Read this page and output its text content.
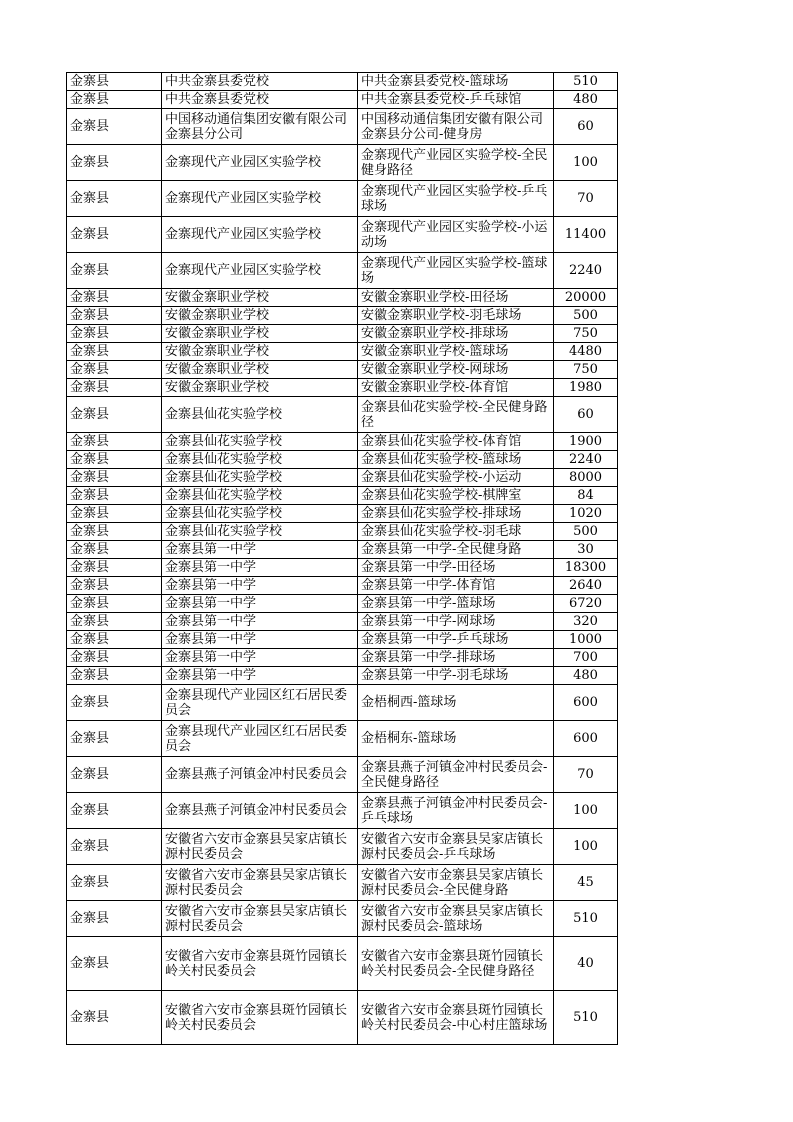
金寨县	中共金寨县委党校	中共金寨县委党校-篮球场	510
金寨县	中共金寨县委党校	中共金寨县委党校-乒乓球馆	480
金寨县	中国移动通信集团安徽有限公司金寨县分公司	中国移动通信集团安徽有限公司金寨县分公司-健身房	60
金寨县	金寨现代产业园区实验学校	金寨现代产业园区实验学校-全民健身路径	100
金寨县	金寨现代产业园区实验学校	金寨现代产业园区实验学校-乒乓球场	70
金寨县	金寨现代产业园区实验学校	金寨现代产业园区实验学校-小运动场	11400
金寨县	金寨现代产业园区实验学校	金寨现代产业园区实验学校-篮球场	2240
金寨县	安徽金寨职业学校	安徽金寨职业学校-田径场	20000
金寨县	安徽金寨职业学校	安徽金寨职业学校-羽毛球场	500
金寨县	安徽金寨职业学校	安徽金寨职业学校-排球场	750
金寨县	安徽金寨职业学校	安徽金寨职业学校-篮球场	4480
金寨县	安徽金寨职业学校	安徽金寨职业学校-网球场	750
金寨县	安徽金寨职业学校	安徽金寨职业学校-体育馆	1980
金寨县	金寨县仙花实验学校	金寨县仙花实验学校-全民健身路径	60
金寨县	金寨县仙花实验学校	金寨县仙花实验学校-体育馆	1900
金寨县	金寨县仙花实验学校	金寨县仙花实验学校-篮球场	2240
金寨县	金寨县仙花实验学校	金寨县仙花实验学校-小运动	8000
金寨县	金寨县仙花实验学校	金寨县仙花实验学校-棋牌室	84
金寨县	金寨县仙花实验学校	金寨县仙花实验学校-排球场	1020
金寨县	金寨县仙花实验学校	金寨县仙花实验学校-羽毛球	500
金寨县	金寨县第一中学	金寨县第一中学-全民健身路	30
金寨县	金寨县第一中学	金寨县第一中学-田径场	18300
金寨县	金寨县第一中学	金寨县第一中学-体育馆	2640
金寨县	金寨县第一中学	金寨县第一中学-篮球场	6720
金寨县	金寨县第一中学	金寨县第一中学-网球场	320
金寨县	金寨县第一中学	金寨县第一中学-乒乓球场	1000
金寨县	金寨县第一中学	金寨县第一中学-排球场	700
金寨县	金寨县第一中学	金寨县第一中学-羽毛球场	480
金寨县	金寨县现代产业园区红石居民委员会	金梧桐西-篮球场	600
金寨县	金寨县现代产业园区红石居民委员会	金梧桐东-篮球场	600
金寨县	金寨县燕子河镇金冲村民委员会	金寨县燕子河镇金冲村民委员会-全民健身路径	70
金寨县	金寨县燕子河镇金冲村民委员会	金寨县燕子河镇金冲村民委员会-乒乓球场	100
金寨县	安徽省六安市金寨县吴家店镇长源村民委员会	安徽省六安市金寨县吴家店镇长源村民委员会-乒乓球场	100
金寨县	安徽省六安市金寨县吴家店镇长源村民委员会	安徽省六安市金寨县吴家店镇长源村民委员会-全民健身路	45
金寨县	安徽省六安市金寨县吴家店镇长源村民委员会	安徽省六安市金寨县吴家店镇长源村民委员会-篮球场	510
金寨县	安徽省六安市金寨县斑竹园镇长岭关村民委员会	安徽省六安市金寨县斑竹园镇长岭关村民委员会-全民健身路径	40
金寨县	安徽省六安市金寨县斑竹园镇长岭关村民委员会	安徽省六安市金寨县斑竹园镇长岭关村民委员会-中心村庄篮球场	510
